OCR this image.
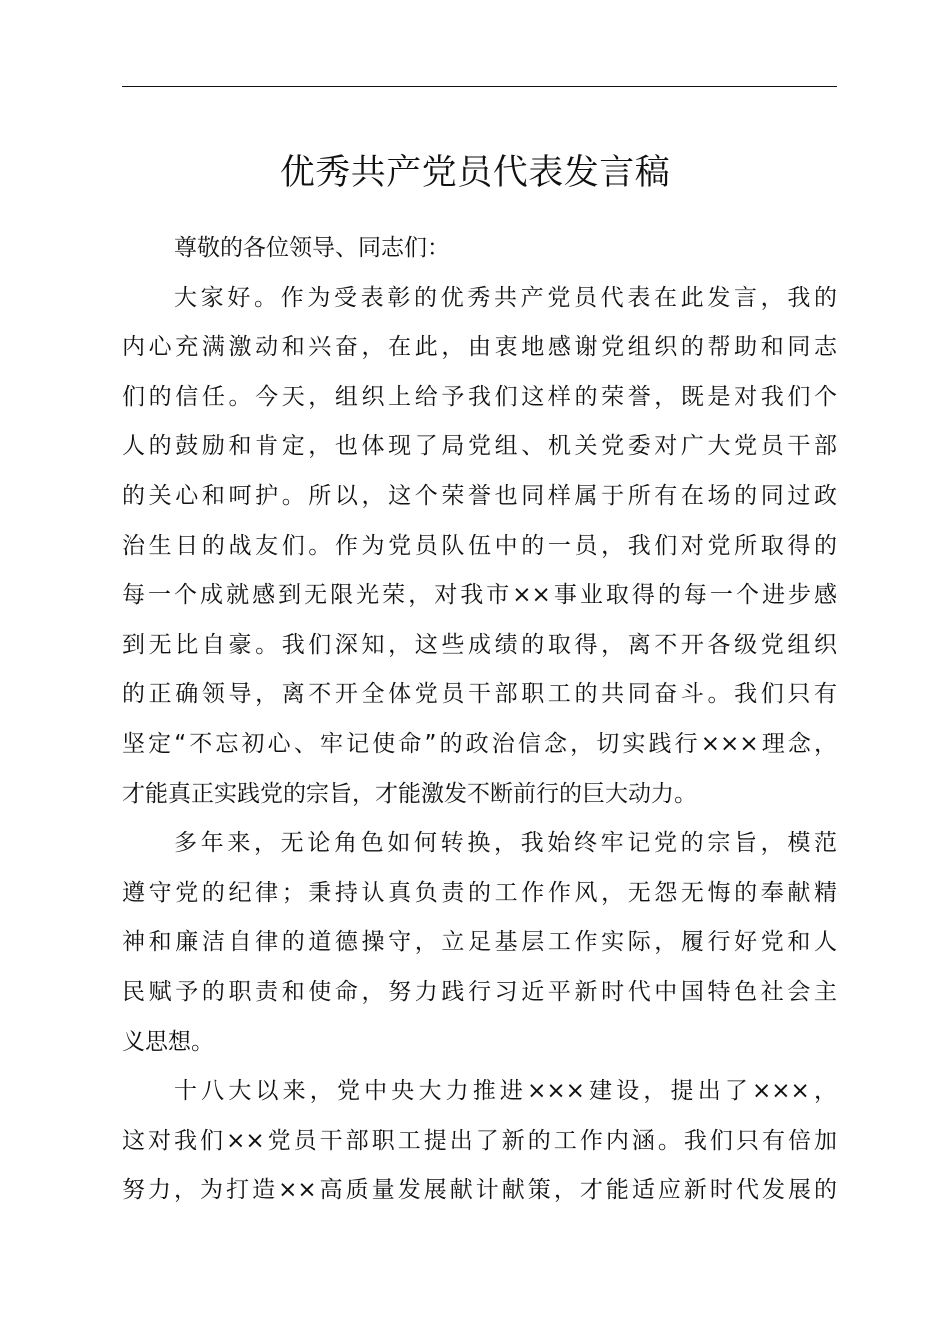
优秀共产党员代表发言稿

尊敬的各位领导、同志们：

大家好。作为受表彰的优秀共产党员代表在此发言，我的
内心充满激动和兴奋，在此，由衷地感谢党组织的帮助和同志
们的信任。今天，组织上给予我们这样的荣誉，既是对我们个
人的鼓励和肯定，也体现了局党组、机关党委对广大党员干部
的关心和呵护。所以，这个荣誉也同样属于所有在场的同过政
治生日的战友们。作为党员队伍中的一员，我们对党所取得的
每一个成就感到无限光荣，对我市××事业取得的每一个进步感
到无比自豪。我们深知，这些成绩的取得，离不开各级党组织
的正确领导，离不开全体党员干部职工的共同奋斗。我们只有
坚定“不忘初心、牢记使命”的政治信念，切实践行×××理念，
才能真正实践党的宗旨，才能激发不断前行的巨大动力。

多年来，无论角色如何转换，我始终牢记党的宗旨，模范
遵守党的纪律；秉持认真负责的工作作风，无怨无悔的奉献精
神和廉洁自律的道德操守，立足基层工作实际，履行好党和人
民赋予的职责和使命，努力践行习近平新时代中国特色社会主
义思想。

十八大以来，党中央大力推进×××建设，提出了×××，
这对我们××党员干部职工提出了新的工作内涵。我们只有倍加
努力，为打造××高质量发展献计献策，才能适应新时代发展的
